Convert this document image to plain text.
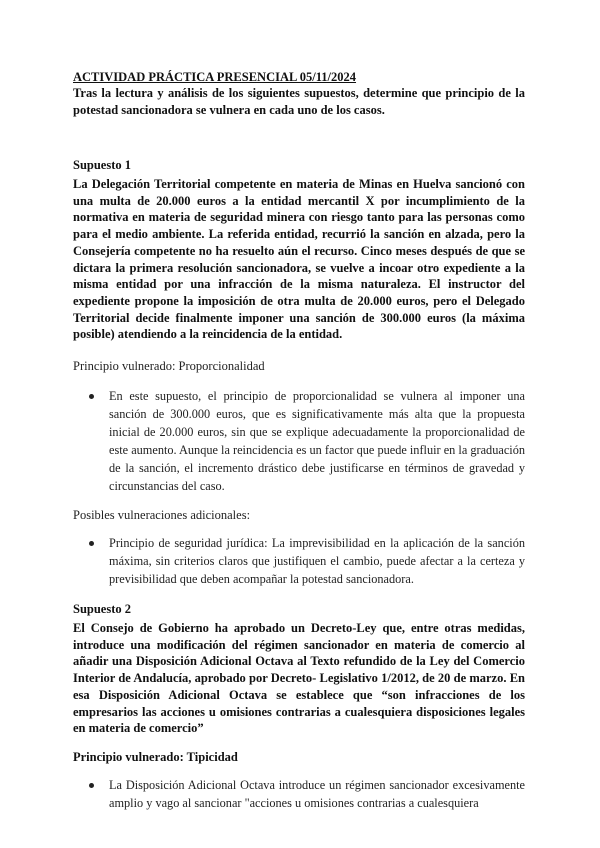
ACTIVIDAD PRÁCTICA PRESENCIAL 05/11/2024

Tras la lectura y análisis de los siguientes supuestos, determine que principio de la potestad sancionadora se vulnera en cada uno de los casos.

Supuesto 1

La Delegación Territorial competente en materia de Minas en Huelva sancionó con una multa de 20.000 euros a la entidad mercantil X por incumplimiento de la normativa en materia de seguridad minera con riesgo tanto para las personas como para el medio ambiente. La referida entidad, recurrió la sanción en alzada, pero la Consejería competente no ha resuelto aún el recurso. Cinco meses después de que se dictara la primera resolución sancionadora, se vuelve a incoar otro expediente a la misma entidad por una infracción de la misma naturaleza. El instructor del expediente propone la imposición de otra multa de 20.000 euros, pero el Delegado Territorial decide finalmente imponer una sanción de 300.000 euros (la máxima posible) atendiendo a la reincidencia de la entidad.

Principio vulnerado: Proporcionalidad

En este supuesto, el principio de proporcionalidad se vulnera al imponer una sanción de 300.000 euros, que es significativamente más alta que la propuesta inicial de 20.000 euros, sin que se explique adecuadamente la proporcionalidad de este aumento. Aunque la reincidencia es un factor que puede influir en la graduación de la sanción, el incremento drástico debe justificarse en términos de gravedad y circunstancias del caso.

Posibles vulneraciones adicionales:

Principio de seguridad jurídica: La imprevisibilidad en la aplicación de la sanción máxima, sin criterios claros que justifiquen el cambio, puede afectar a la certeza y previsibilidad que deben acompañar la potestad sancionadora.

Supuesto 2

El Consejo de Gobierno ha aprobado un Decreto-Ley que, entre otras medidas, introduce una modificación del régimen sancionador en materia de comercio al añadir una Disposición Adicional Octava al Texto refundido de la Ley del Comercio Interior de Andalucía, aprobado por Decreto- Legislativo 1/2012, de 20 de marzo. En esa Disposición Adicional Octava se establece que “son infracciones de los empresarios las acciones u omisiones contrarias a cualesquiera disposiciones legales en materia de comercio”

Principio vulnerado: Tipicidad

La Disposición Adicional Octava introduce un régimen sancionador excesivamente amplio y vago al sancionar "acciones u omisiones contrarias a cualesquiera
